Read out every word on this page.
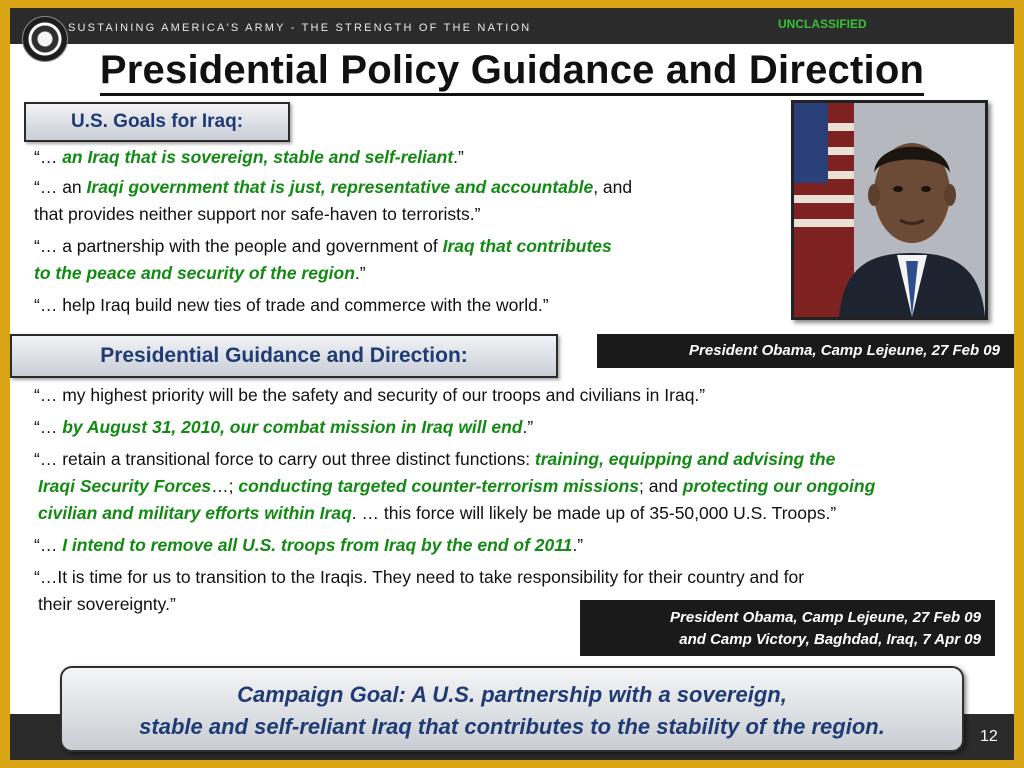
SUSTAINING AMERICA'S ARMY - THE STRENGTH OF THE NATION	UNCLASSIFIED
Presidential Policy Guidance and Direction
U.S. Goals for Iraq:
“… an Iraq that is sovereign, stable and self-reliant.”
“… an Iraqi government that is just, representative and accountable, and
that provides neither support nor safe-haven to terrorists.”
“… a partnership with the people and government of Iraq that contributes
to the peace and security of the region.”
“… help Iraq build new ties of trade and commerce with the world.”
President Obama, Camp Lejeune, 27 Feb 09
Presidential Guidance and Direction:
“… my highest priority will be the safety and security of our troops and civilians in Iraq.”
“… by August 31, 2010, our combat mission in Iraq will end.”
“… retain a transitional force to carry out three distinct functions: training, equipping and advising the
Iraqi Security Forces…; conducting targeted counter-terrorism missions; and protecting our ongoing
civilian and military efforts within Iraq. … this force will likely be made up of 35-50,000 U.S. Troops.”
“… I intend to remove all U.S. troops from Iraq by the end of 2011.”
“…It is time for us to transition to the Iraqis. They need to take responsibility for their country and for
their sovereignty.”
President Obama, Camp Lejeune, 27 Feb 09
and Camp Victory, Baghdad, Iraq, 7 Apr 09
Campaign Goal: A U.S. partnership with a sovereign,
stable and self-reliant Iraq that contributes to the stability of the region.	12
